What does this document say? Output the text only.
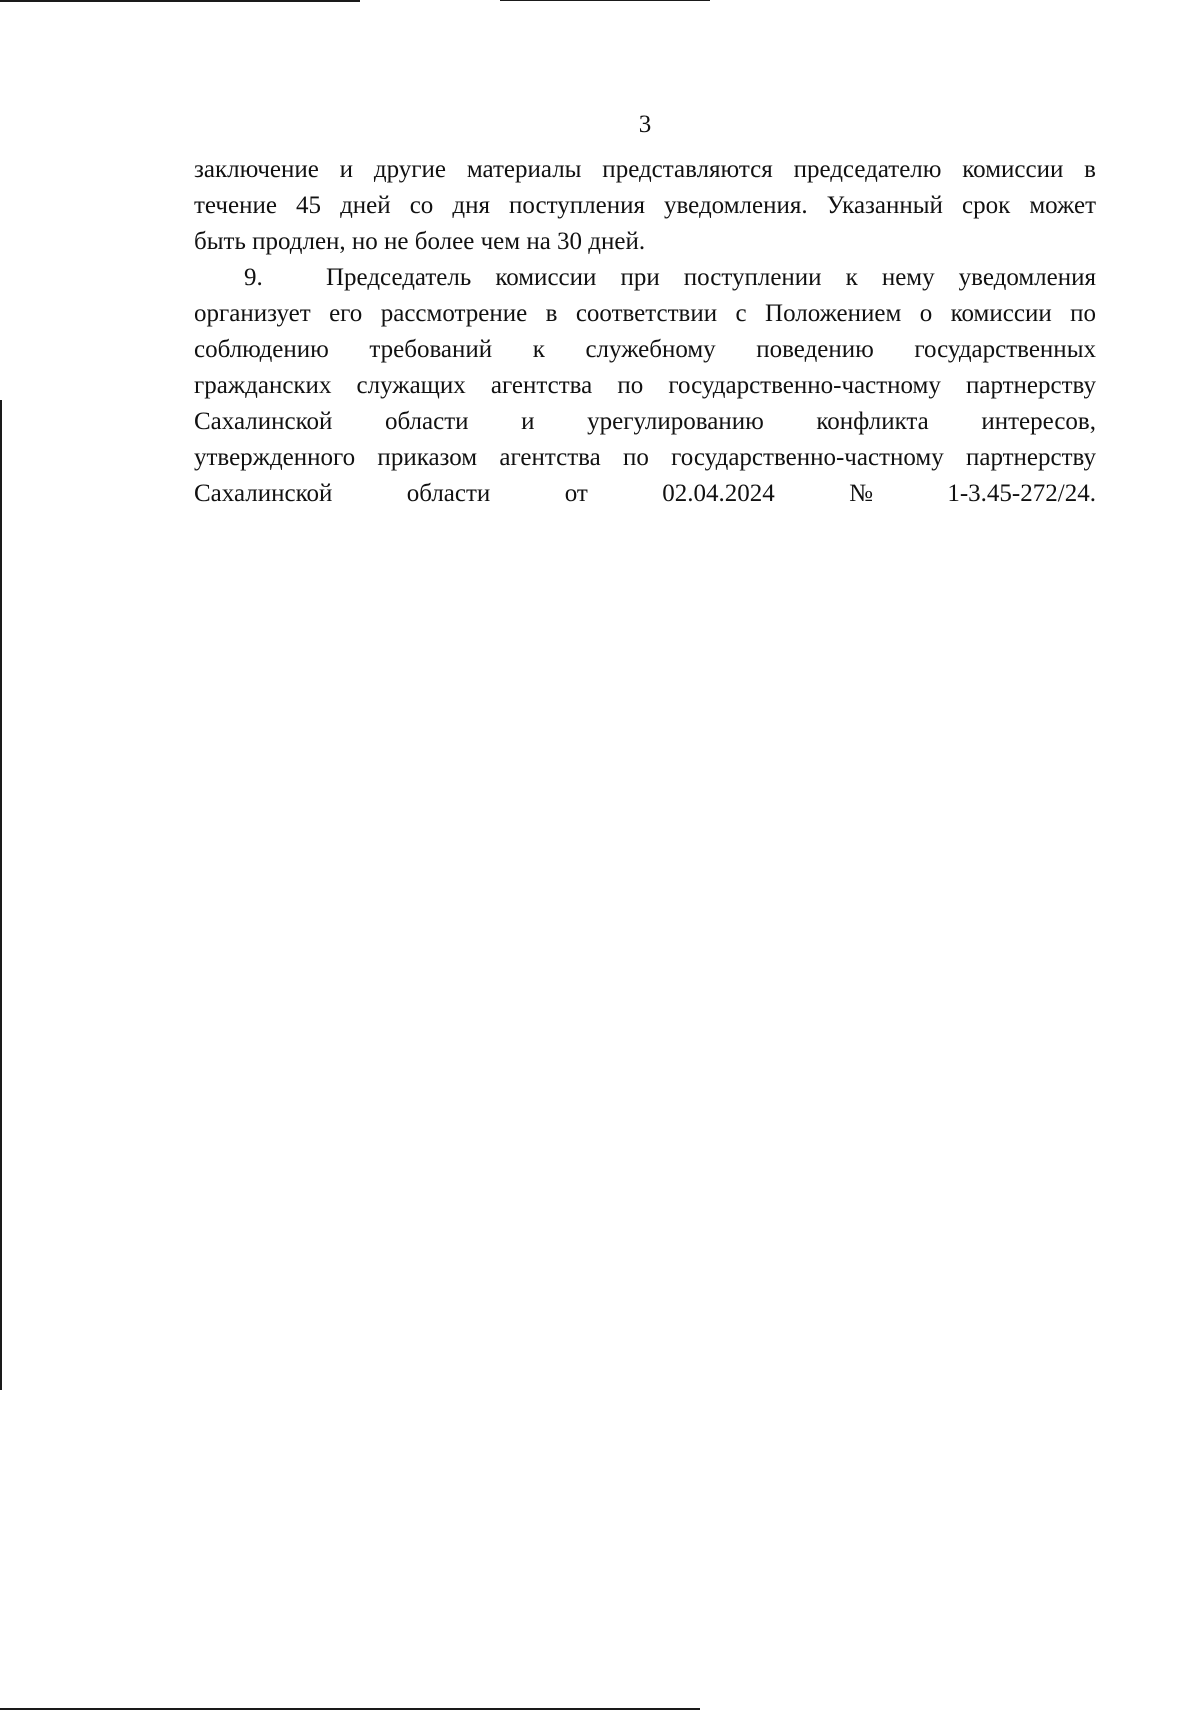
3
заключение и другие материалы представляются председателю комиссии в
течение 45 дней со дня поступления уведомления. Указанный срок может
быть продлен, но не более чем на 30 дней.
9.	Председатель комиссии при поступлении к нему уведомления
организует его рассмотрение в соответствии с Положением о комиссии по
соблюдению требований к служебному поведению государственных
гражданских служащих агентства по государственно-частному партнерству
Сахалинской области и урегулированию конфликта интересов,
утвержденного приказом агентства по государственно-частному партнерству
Сахалинской	области	от	02.04.2024	№	1-3.45-272/24.
